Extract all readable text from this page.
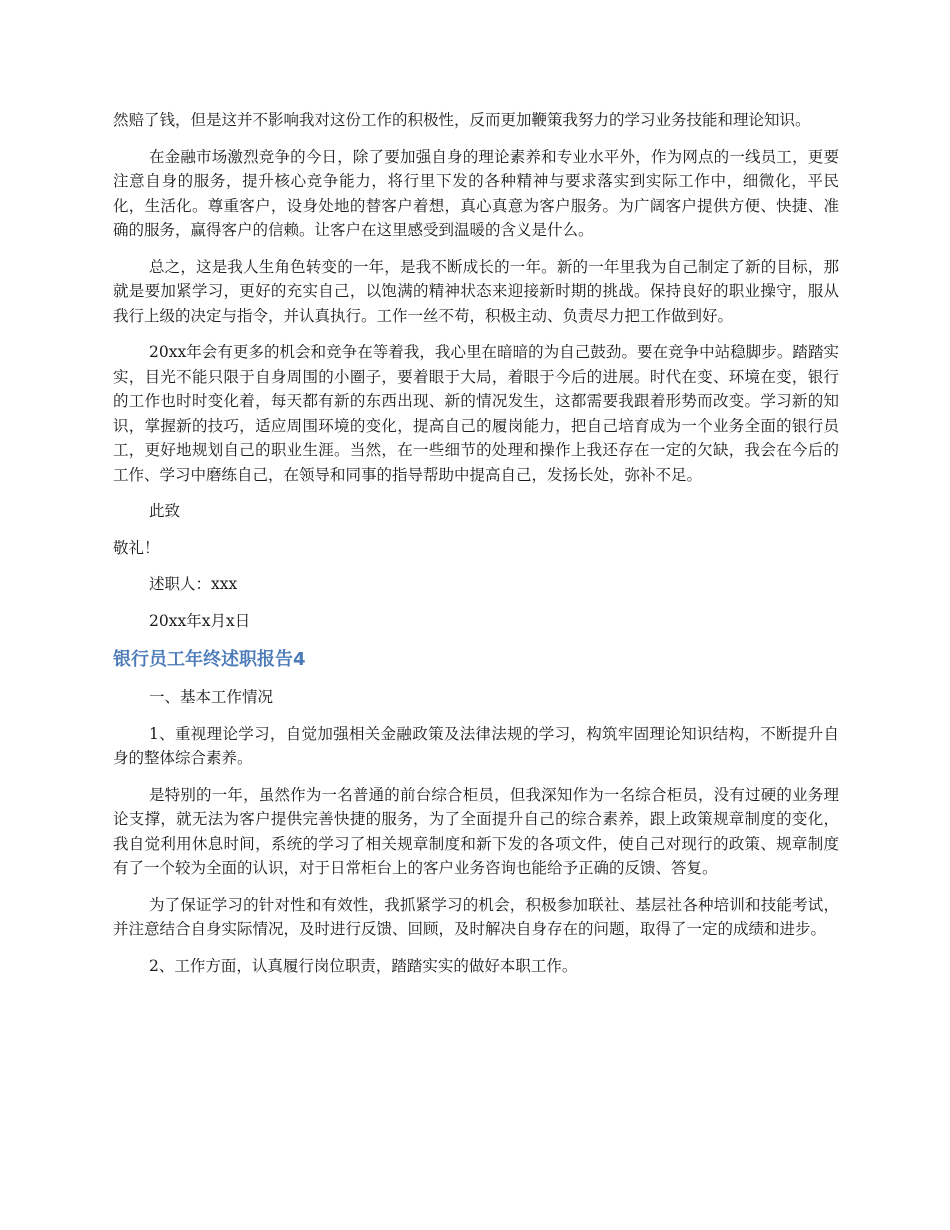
然赔了钱，但是这并不影响我对这份工作的积极性，反而更加鞭策我努力的学习业务技能和理论知识。

在金融市场激烈竞争的今日，除了要加强自身的理论素养和专业水平外，作为网点的一线员工，更要注意自身的服务，提升核心竞争能力，将行里下发的各种精神与要求落实到实际工作中，细微化，平民化，生活化。尊重客户，设身处地的替客户着想，真心真意为客户服务。为广阔客户提供方便、快捷、准确的服务，赢得客户的信赖。让客户在这里感受到温暖的含义是什么。

总之，这是我人生角色转变的一年，是我不断成长的一年。新的一年里我为自己制定了新的目标，那就是要加紧学习，更好的充实自己，以饱满的精神状态来迎接新时期的挑战。保持良好的职业操守，服从我行上级的决定与指令，并认真执行。工作一丝不苟，积极主动、负责尽力把工作做到好。

20xx年会有更多的机会和竞争在等着我，我心里在暗暗的为自己鼓劲。要在竞争中站稳脚步。踏踏实实，目光不能只限于自身周围的小圈子，要着眼于大局，着眼于今后的进展。时代在变、环境在变，银行的工作也时时变化着，每天都有新的东西出现、新的情况发生，这都需要我跟着形势而改变。学习新的知识，掌握新的技巧，适应周围环境的变化，提高自己的履岗能力，把自己培育成为一个业务全面的银行员工，更好地规划自己的职业生涯。当然，在一些细节的处理和操作上我还存在一定的欠缺，我会在今后的工作、学习中磨练自己，在领导和同事的指导帮助中提高自己，发扬长处，弥补不足。

此致

敬礼！

述职人：xxx

20xx年x月x日

银行员工年终述职报告4

一、基本工作情况

1、重视理论学习，自觉加强相关金融政策及法律法规的学习，构筑牢固理论知识结构，不断提升自身的整体综合素养。

是特别的一年，虽然作为一名普通的前台综合柜员，但我深知作为一名综合柜员，没有过硬的业务理论支撑，就无法为客户提供完善快捷的服务，为了全面提升自己的综合素养，跟上政策规章制度的变化，我自觉利用休息时间，系统的学习了相关规章制度和新下发的各项文件，使自己对现行的政策、规章制度有了一个较为全面的认识，对于日常柜台上的客户业务咨询也能给予正确的反馈、答复。

为了保证学习的针对性和有效性，我抓紧学习的机会，积极参加联社、基层社各种培训和技能考试，并注意结合自身实际情况，及时进行反馈、回顾，及时解决自身存在的问题，取得了一定的成绩和进步。

2、工作方面，认真履行岗位职责，踏踏实实的做好本职工作。
